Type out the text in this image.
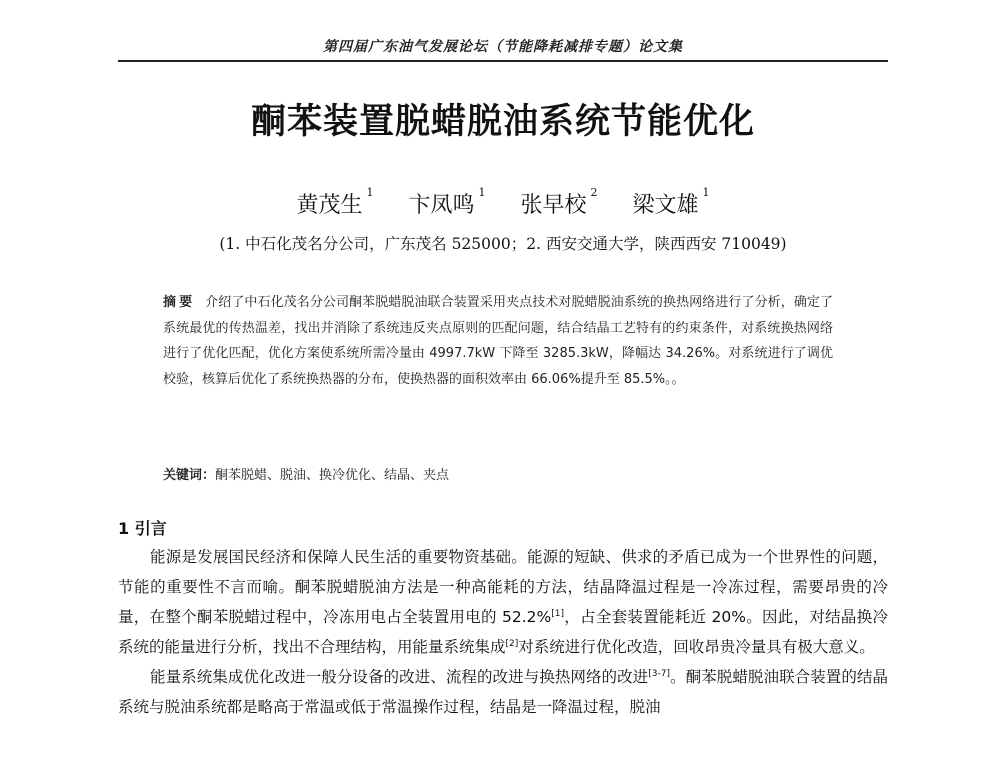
第四届广东油气发展论坛（节能降耗减排专题）论文集
酮苯装置脱蜡脱油系统节能优化
黄茂生$^1$ 卞凤鸣$^1$ 张早校$^2$ 梁文雄$^1$
(1. 中石化茂名分公司，广东茂名 525000；2. 西安交通大学，陕西西安 710049)
摘要 介绍了中石化茂名分公司酮苯脱蜡脱油联合装置采用夹点技术对脱蜡脱油系统的换热网络进行了分析，确定了系统最优的传热温差，找出并消除了系统违反夹点原则的匹配问题，结合结晶工艺特有的约束条件，对系统换热网络进行了优化匹配，优化方案使系统所需冷量由 4997.7kW 下降至 3285.3kW，降幅达 34.26%。对系统进行了调优校验，核算后优化了系统换热器的分布，使换热器的面积效率由 66.06%提升至 85.5%。。
关键词：酮苯脱蜡、脱油、换冷优化、结晶、夹点
1 引言

能源是发展国民经济和保障人民生活的重要物资基础。能源的短缺、供求的矛盾已成为一个世界性的问题，节能的重要性不言而喻。酮苯脱蜡脱油方法是一种高能耗的方法，结晶降温过程是一冷冻过程，需要昂贵的冷量，在整个酮苯脱蜡过程中，冷冻用电占全装置用电的 52.2%[1]，占全套装置能耗近 20%。因此，对结晶换冷系统的能量进行分析，找出不合理结构，用能量系统集成[2]对系统进行优化改造，回收昂贵冷量具有极大意义。

能量系统集成优化改进一般分设备的改进、流程的改进与换热网络的改进[3-7]。酮苯脱蜡脱油联合装置的结晶系统与脱油系统都是略高于常温或低于常温操作过程，结晶是一降温过程，脱油
